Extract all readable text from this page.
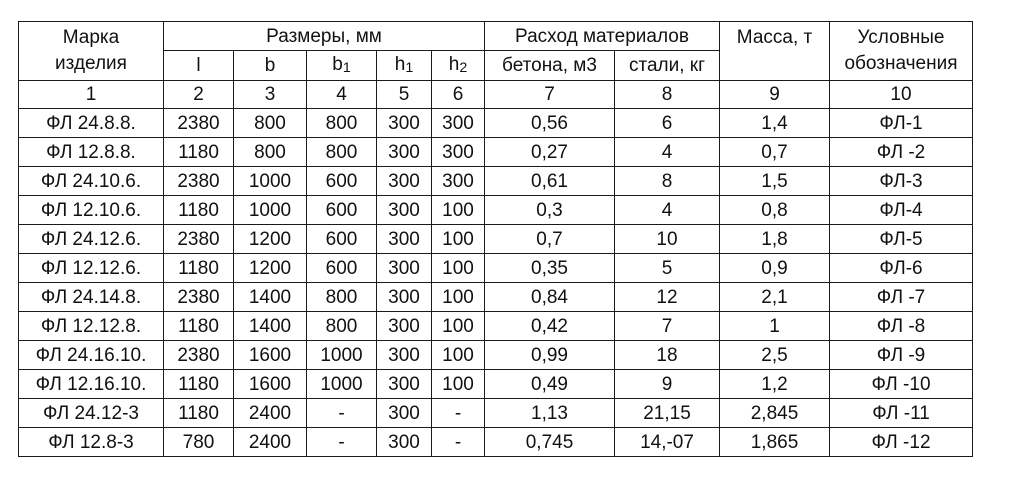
Марка
изделия	Размеры, мм					Расход материалов		Масса, т	Условные
обозначения
	l	b	$b_1$	$h_1$	$h_2$	бетона, м3	стали, кг		
1	2	3	4	5	6	7	8	9	10
ФЛ 24.8.8.	2380	800	800	300	300	0,56	6	1,4	ФЛ-1
ФЛ 12.8.8.	1180	800	800	300	300	0,27	4	0,7	ФЛ -2
ФЛ 24.10.6.	2380	1000	600	300	300	0,61	8	1,5	ФЛ-3
ФЛ 12.10.6.	1180	1000	600	300	100	0,3	4	0,8	ФЛ-4
ФЛ 24.12.6.	2380	1200	600	300	100	0,7	10	1,8	ФЛ-5
ФЛ 12.12.6.	1180	1200	600	300	100	0,35	5	0,9	ФЛ-6
ФЛ 24.14.8.	2380	1400	800	300	100	0,84	12	2,1	ФЛ -7
ФЛ 12.12.8.	1180	1400	800	300	100	0,42	7	1	ФЛ -8
ФЛ 24.16.10.	2380	1600	1000	300	100	0,99	18	2,5	ФЛ -9
ФЛ 12.16.10.	1180	1600	1000	300	100	0,49	9	1,2	ФЛ -10
ФЛ 24.12-3	1180	2400	-	300	-	1,13	21,15	2,845	ФЛ -11
ФЛ 12.8-3	780	2400	-	300	-	0,745	14,-07	1,865	ФЛ -12
